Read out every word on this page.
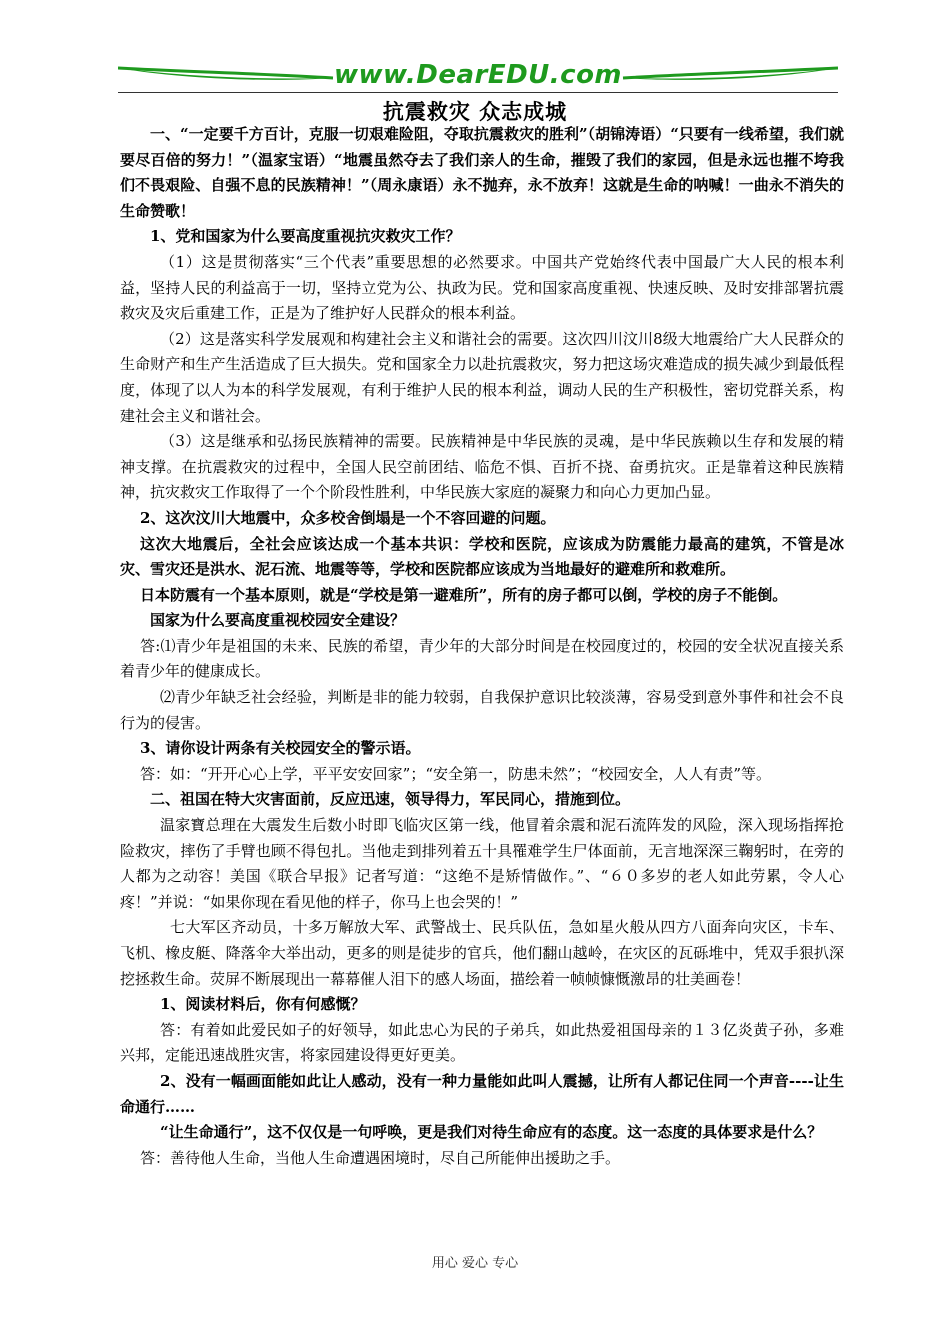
www.DearEDU.com
抗震救灾 众志成城

一、“一定要千方百计，克服一切艰难险阻，夺取抗震救灾的胜利”（胡锦涛语）“只要有一线希望，我们就要尽百倍的努力！”（温家宝语）“地震虽然夺去了我们亲人的生命，摧毁了我们的家园，但是永远也摧不垮我们不畏艰险、自强不息的民族精神！”（周永康语）永不抛弃，永不放弃！这就是生命的呐喊！一曲永不消失的生命赞歌！

1、党和国家为什么要高度重视抗灾救灾工作？

（1）这是贯彻落实“三个代表”重要思想的必然要求。中国共产党始终代表中国最广大人民的根本利益，坚持人民的利益高于一切，坚持立党为公、执政为民。党和国家高度重视、快速反映、及时安排部署抗震救灾及灾后重建工作，正是为了维护好人民群众的根本利益。

（2）这是落实科学发展观和构建社会主义和谐社会的需要。这次四川汶川8级大地震给广大人民群众的生命财产和生产生活造成了巨大损失。党和国家全力以赴抗震救灾，努力把这场灾难造成的损失减少到最低程度，体现了以人为本的科学发展观，有利于维护人民的根本利益，调动人民的生产积极性，密切党群关系，构建社会主义和谐社会。

（3）这是继承和弘扬民族精神的需要。民族精神是中华民族的灵魂，是中华民族赖以生存和发展的精神支撑。在抗震救灾的过程中，全国人民空前团结、临危不惧、百折不挠、奋勇抗灾。正是靠着这种民族精神，抗灾救灾工作取得了一个个阶段性胜利，中华民族大家庭的凝聚力和向心力更加凸显。

2、这次汶川大地震中，众多校舍倒塌是一个不容回避的问题。

这次大地震后，全社会应该达成一个基本共识：学校和医院，应该成为防震能力最高的建筑，不管是冰灾、雪灾还是洪水、泥石流、地震等等，学校和医院都应该成为当地最好的避难所和救难所。

日本防震有一个基本原则，就是“学校是第一避难所”，所有的房子都可以倒，学校的房子不能倒。

国家为什么要高度重视校园安全建设？

答:⑴青少年是祖国的未来、民族的希望，青少年的大部分时间是在校园度过的，校园的安全状况直接关系着青少年的健康成长。

⑵青少年缺乏社会经验，判断是非的能力较弱，自我保护意识比较淡薄，容易受到意外事件和社会不良行为的侵害。

3、请你设计两条有关校园安全的警示语。

答：如：“开开心心上学，平平安安回家”；“安全第一，防患未然”；“校园安全，人人有责”等。

二、祖国在特大灾害面前，反应迅速，领导得力，军民同心，措施到位。

温家寶总理在大震发生后数小时即飞临灾区第一线，他冒着余震和泥石流阵发的风险，深入现场指挥抢险救灾，摔伤了手臂也顾不得包扎。当他走到排列着五十具罹难学生尸体面前，无言地深深三鞠躬时，在旁的人都为之动容！美国《联合早报》记者写道：“这绝不是矫情做作。”、“６０多岁的老人如此劳累，令人心疼！”并说：“如果你现在看见他的样子，你马上也会哭的！”

七大军区齐动员，十多万解放大军、武警战士、民兵队伍，急如星火般从四方八面奔向灾区，卡车、飞机、橡皮艇、降落伞大举出动，更多的则是徒步的官兵，他们翻山越岭，在灾区的瓦砾堆中，凭双手狠扒深挖拯救生命。荧屏不断展现出一幕幕催人泪下的感人场面，描绘着一帧帧慷慨激昂的壮美画卷！

1、阅读材料后，你有何感慨？

答：有着如此爱民如子的好领导，如此忠心为民的子弟兵，如此热爱祖国母亲的１３亿炎黄子孙，多难兴邦，定能迅速战胜灾害，将家园建设得更好更美。

2、没有一幅画面能如此让人感动，没有一种力量能如此叫人震撼，让所有人都记住同一个声音----让生命通行……

“让生命通行”，这不仅仅是一句呼唤，更是我们对待生命应有的态度。这一态度的具体要求是什么？

答：善待他人生命，当他人生命遭遇困境时，尽自己所能伸出援助之手。

用心 爱心 专心
